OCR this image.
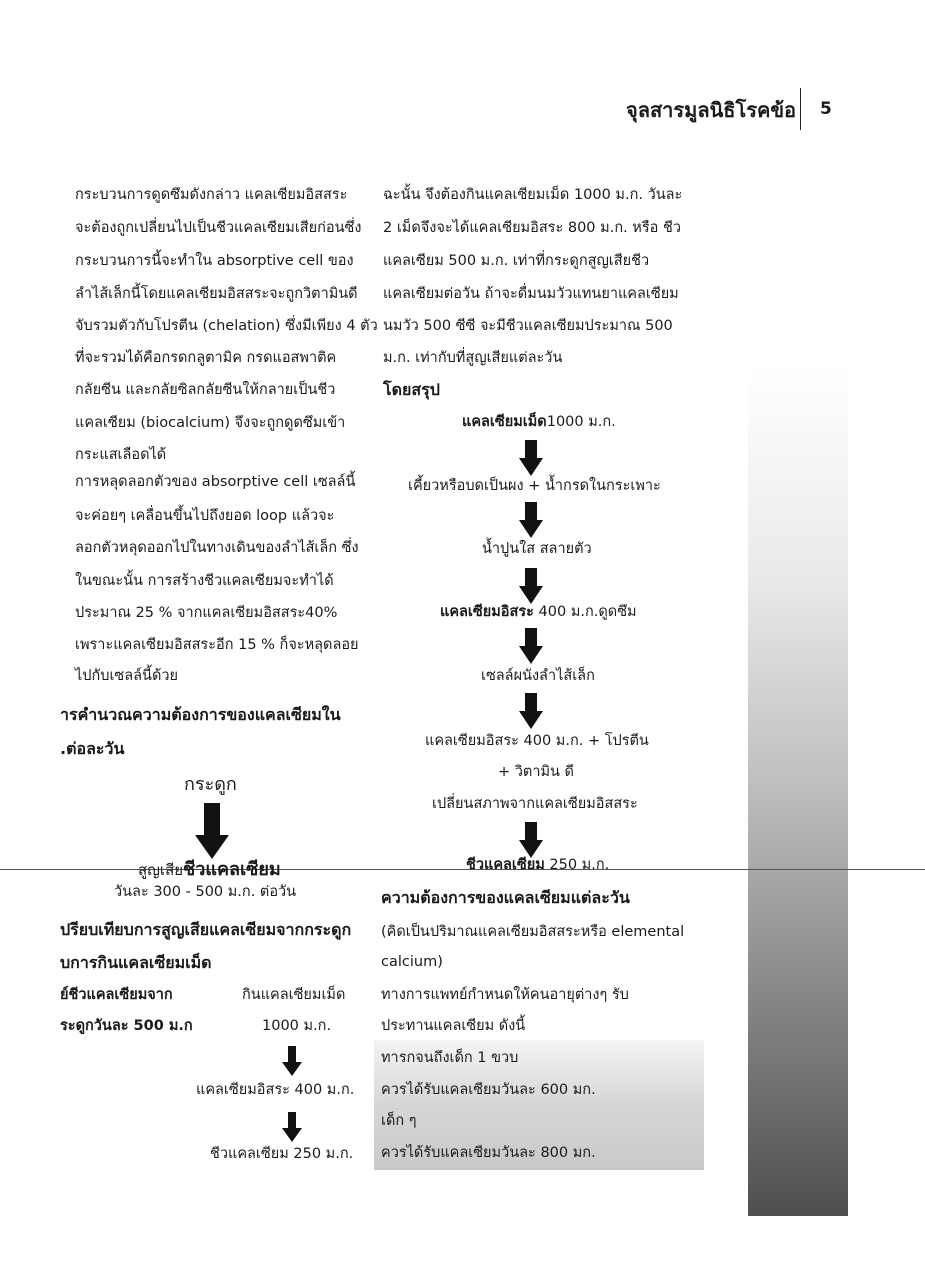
จุลสารมูลนิธิโรคข้อ 5
กระบวนการดูดซึมดังกล่าว แคลเซียมอิสสระ
จะต้องถูกเปลี่ยนไปเป็นชีวแคลเซียมเสียก่อนซึ่ง
กระบวนการนี้จะทำใน absorptive cell ของ
ลำไส้เล็กนี้โดยแคลเซียมอิสสระจะถูกวิตามินดี
จับรวมตัวกับโปรตีน (chelation) ซึ่งมีเพียง 4 ตัว
ที่จะรวมได้คือกรดกลูตามิค กรดแอสพาติค
กลัยซีน และกลัยซิลกลัยซีนให้กลายเป็นชีว
แคลเซียม (biocalcium) จึงจะถูกดูดซึมเข้า
กระแสเลือดได้
การหลุดลอกตัวของ absorptive cell เซลล์นี้
จะค่อยๆ เคลื่อนขึ้นไปถึงยอด loop แล้วจะ
ลอกตัวหลุดออกไปในทางเดินของลำไส้เล็ก ซึ่ง
ในขณะนั้น การสร้างชีวแคลเซียมจะทำได้
ประมาณ 25 % จากแคลเซียมอิสสระ40%
เพราะแคลเซียมอิสสระอีก 15 % ก็จะหลุดลอย
ไปกับเซลล์นี้ด้วย
ารคำนวณความต้องการของแคลเซียมใน
.ต่อละวัน
กระดูก
สูญเสียชีวแคลเซียม
วันละ 300 - 500 ม.ก. ต่อวัน
ปรียบเทียบการสูญเสียแคลเซียมจากกระดูก
บการกินแคลเซียมเม็ด
ย์ชีวแคลเซียมจาก
ระดูกวันละ 500 ม.ก
กินแคลเซียมเม็ด
1000 ม.ก.
แคลเซียมอิสระ 400 ม.ก.
ชีวแคลเซียม 250 ม.ก.
ฉะนั้น จึงต้องกินแคลเซียมเม็ด 1000 ม.ก. วันละ
2 เม็ดจึงจะได้แคลเซียมอิสระ 800 ม.ก. หรือ ชีว
แคลเซียม 500 ม.ก. เท่าที่กระดูกสูญเสียชีว
แคลเซียมต่อวัน ถ้าจะดื่มนมวัวแทนยาแคลเซียม
นมวัว 500 ซีซี จะมีชีวแคลเซียมประมาณ 500
ม.ก. เท่ากับที่สูญเสียแต่ละวัน
โดยสรุป
แคลเซียมเม็ด1000 ม.ก.
เคี้ยวหรือบดเป็นผง + น้ำกรดในกระเพาะ
น้ำปูนใส สลายตัว
แคลเซียมอิสระ 400 ม.ก.ดูดซึม
เซลล์ผนังลำไส้เล็ก
แคลเซียมอิสระ 400 ม.ก. + โปรตีน
+ วิตามิน ดี
เปลี่ยนสภาพจากแคลเซียมอิสสระ
ชีวแคลเซียม 250 ม.ก.
ความต้องการของแคลเซียมแต่ละวัน
(คิดเป็นปริมาณแคลเซียมอิสสระหรือ elemental
calcium)
ทางการแพทย์กำหนดให้คนอายุต่างๆ รับ
ประทานแคลเซียม ดังนี้
ทารกจนถึงเด็ก 1 ขวบ
ควรได้รับแคลเซียมวันละ 600 มก.
เด็ก ๆ
ควรได้รับแคลเซียมวันละ 800 มก.
